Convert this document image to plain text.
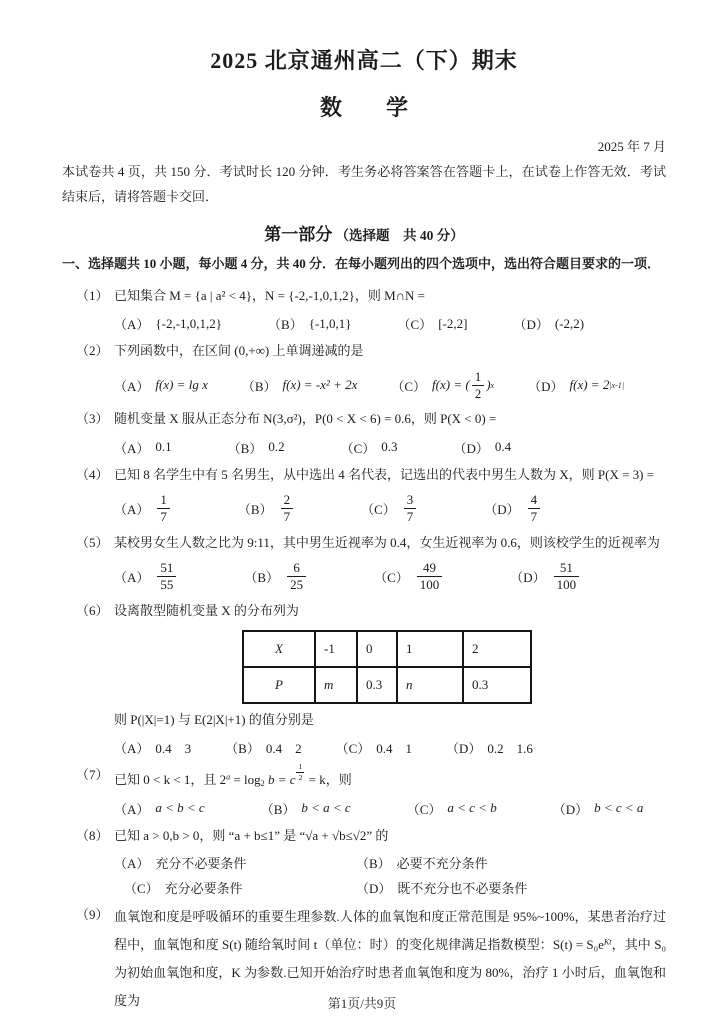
2025 北京通州高二（下）期末
数　　学
2025 年 7 月

本试卷共 4 页，共 150 分．考试时长 120 分钟．考生务必将答案答在答题卡上，在试卷上作答无效．考试结束后，请将答题卡交回．

第一部分 （选择题　共 40 分）

一、选择题共 10 小题，每小题 4 分，共 40 分．在每小题列出的四个选项中，选出符合题目要求的一项．

（1） 已知集合 M = {a | a² < 4}，N = {-2,-1,0,1,2}，则 M∩N =
（A） {-2,-1,0,1,2}	（B） {-1,0,1}	（C） [-2,2]	（D） (-2,2)
（2） 下列函数中，在区间 (0,+∞) 上单调递减的是
（A） f(x) = lg x	（B） f(x) = -x² + 2x	（C） f(x) = ( $\frac{1}{2}$ ) x	（D） f(x) = 2 |x-1|
（3） 随机变量 X 服从正态分布 N(3,σ²)，P(0 < X < 6) = 0.6，则 P(X < 0) =
（A） 0.1	（B） 0.2	（C） 0.3	（D） 0.4
（4） 已知 8 名学生中有 5 名男生，从中选出 4 名代表，记选出的代表中男生人数为 X，则 P(X = 3) =
$(A) \frac{1}{7}$	$(B) \frac{2}{7}$	$(C) \frac{3}{7}$	$(D) \frac{4}{7}$
（5） 某校男女生人数之比为 9:11，其中男生近视率为 0.4，女生近视率为 0.6，则该校学生的近视率为
$(A) \frac{51}{55}$	$(B) \frac{6}{25}$	$(C) \frac{49}{100}$	$(D) \frac{51}{100}$
（6） 设离散型随机变量 X 的分布列为
X	-1	0	1	2
P	m	0.3	n	0.3
则 P(|X|=1) 与 E(2|X|+1) 的值分别是
（A） 0.4　3	（B） 0.4　2	（C） 0.4　1	（D） 0.2　1.6
（7） 已知 0 < k < 1，且 $2^a = \log_2 b = c \frac{1}{2} = k$，则
（A） a < b < c	（B） b < a < c	（C） a < c < b	（D） b < c < a
（8） 已知 a > 0,b > 0，则 “a + b≤1” 是 “√a + √b≤√2” 的
（A） 充分不必要条件	（B） 必要不充分条件
（C） 充分必要条件	（D） 既不充分也不必要条件
（9） 血氧饱和度是呼吸循环的重要生理参数.人体的血氧饱和度正常范围是 95%~100%，某患者治疗过程中，血氧饱和度 S(t) 随给氧时间 t（单位：时）的变化规律满足指数模型：$S(t) = S_0e^{Kt}$，其中 S₀ 为初始血氧饱和度，K 为参数.已知开始治疗时患者血氧饱和度为 80%，治疗 1 小时后，血氧饱和度为	第1页/共9页
